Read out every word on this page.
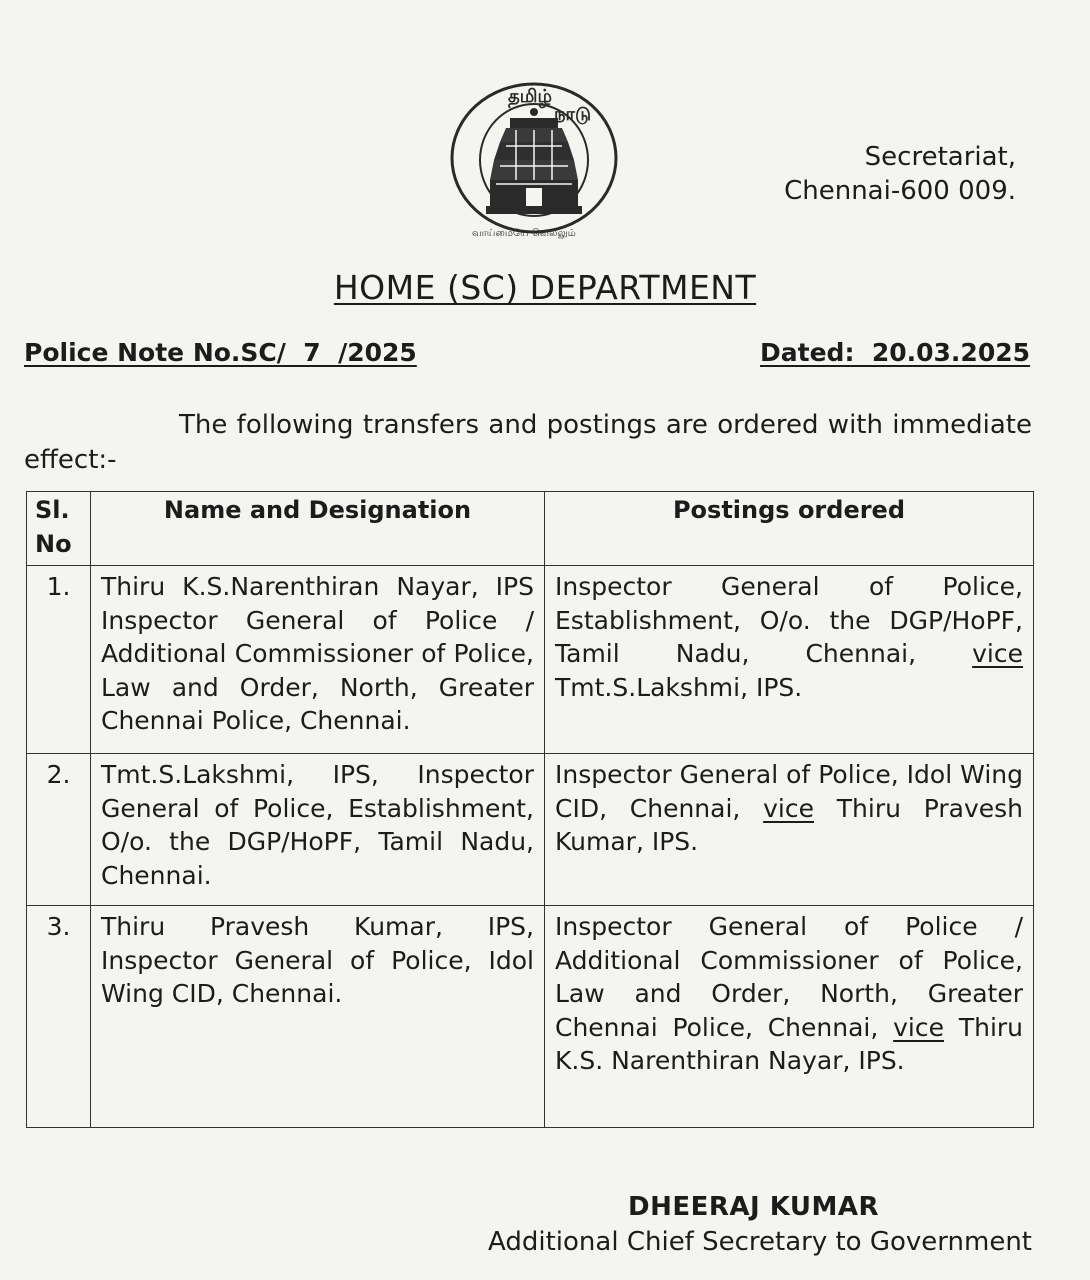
தமிழ்
நாடு
வாய்மையே வெல்லும்
Secretariat,
Chennai-600 009.
HOME (SC) DEPARTMENT
Police Note No.SC/  7  /2025	Dated:  20.03.2025
The following transfers and postings are ordered with immediate effect:-
Sl. No	Name and Designation	Postings ordered
1.	Thiru K.S.Narenthiran Nayar, IPS Inspector General of Police / Additional Commissioner of Police, Law and Order, North, Greater Chennai Police, Chennai.	Inspector General of Police, Establishment, O/o. the DGP/HoPF, Tamil Nadu, Chennai, vice Tmt.S.Lakshmi, IPS.
2.	Tmt.S.Lakshmi, IPS, Inspector General of Police, Establishment, O/o. the DGP/HoPF, Tamil Nadu, Chennai.	Inspector General of Police, Idol Wing CID, Chennai, vice Thiru Pravesh Kumar, IPS.
3.	Thiru Pravesh Kumar, IPS, Inspector General of Police, Idol Wing CID, Chennai.	Inspector General of Police / Additional Commissioner of Police, Law and Order, North, Greater Chennai Police, Chennai, vice Thiru K.S. Narenthiran Nayar, IPS.
DHEERAJ KUMAR
Additional Chief Secretary to Government
